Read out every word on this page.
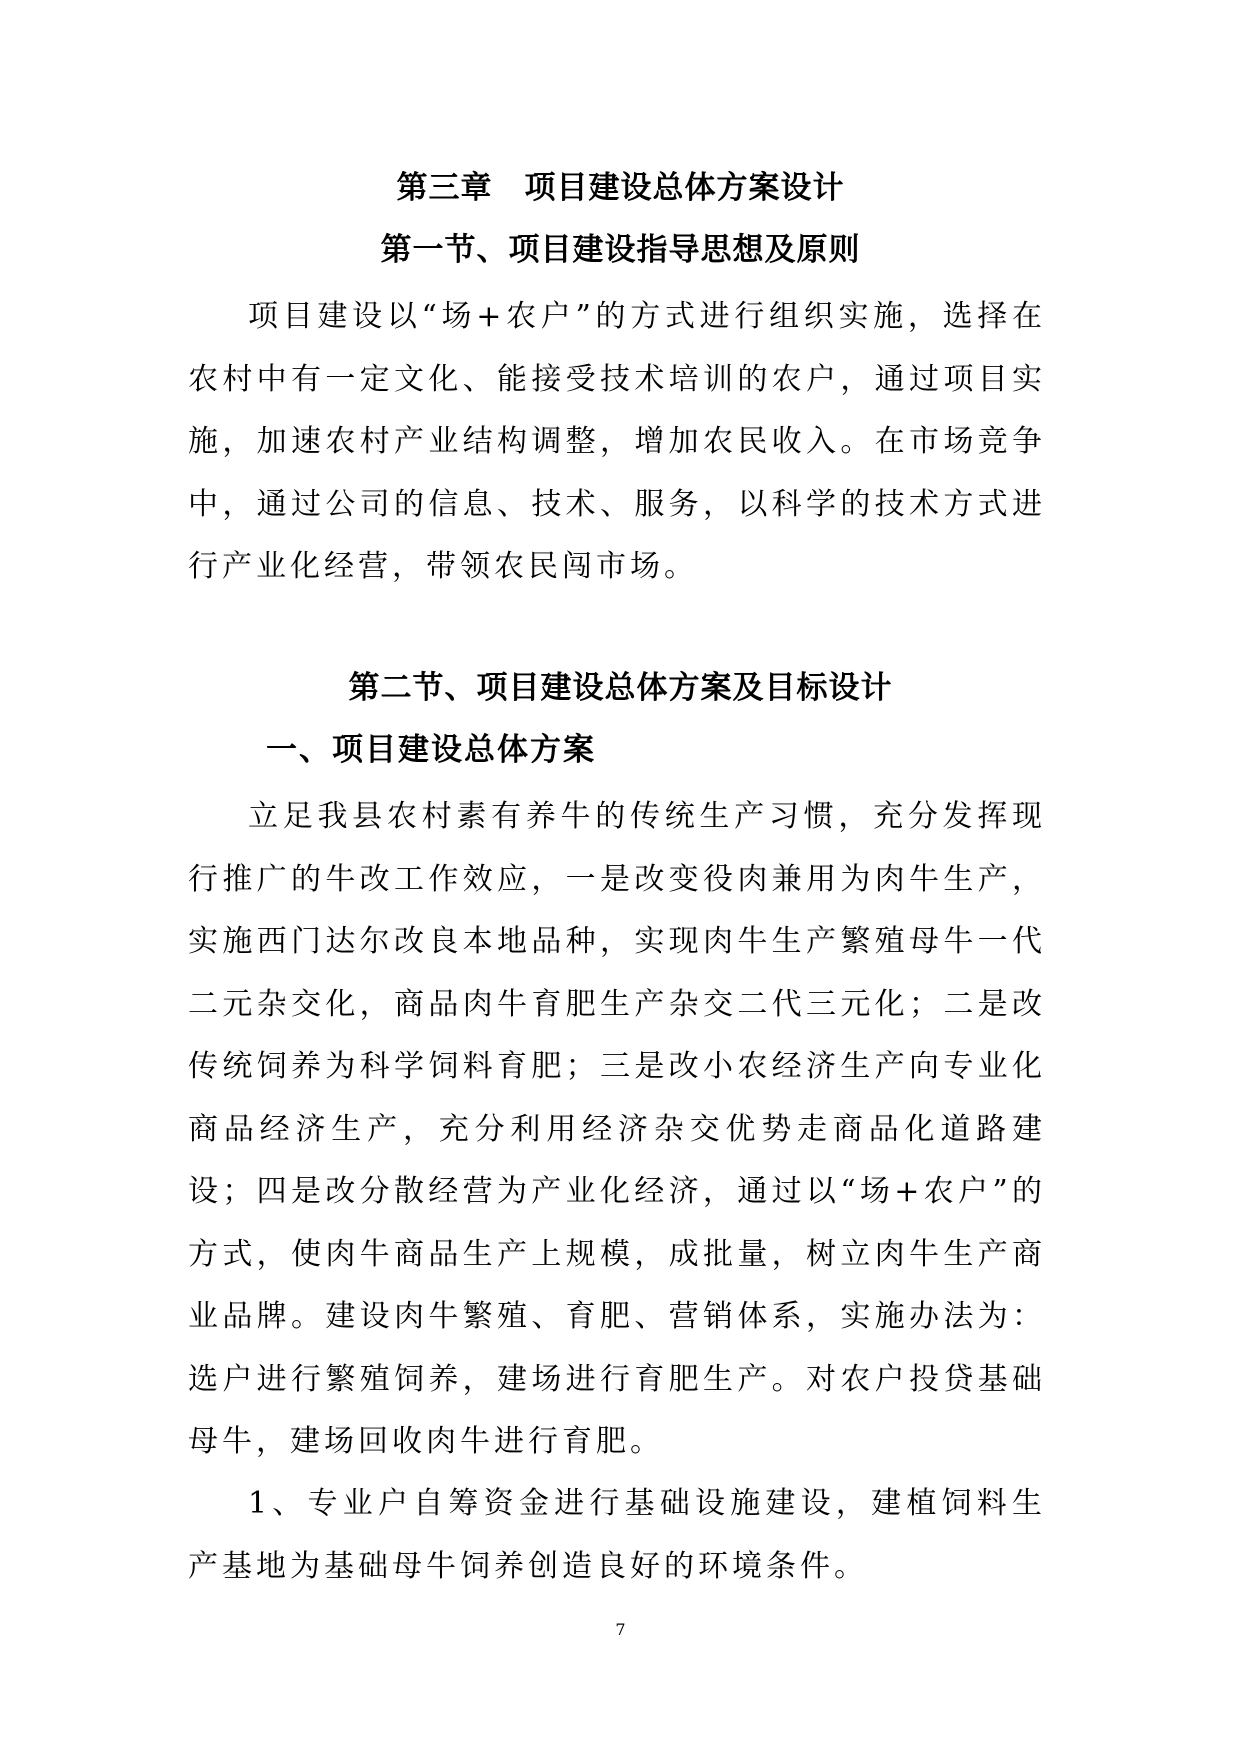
第三章　项目建设总体方案设计
第一节、项目建设指导思想及原则

项目建设以“场+农户”的方式进行组织实施，选择在农村中有一定文化、能接受技术培训的农户，通过项目实施，加速农村产业结构调整，增加农民收入。在市场竞争中，通过公司的信息、技术、服务，以科学的技术方式进行产业化经营，带领农民闯市场。

第二节、项目建设总体方案及目标设计
一、项目建设总体方案

立足我县农村素有养牛的传统生产习惯，充分发挥现行推广的牛改工作效应，一是改变役肉兼用为肉牛生产，实施西门达尔改良本地品种，实现肉牛生产繁殖母牛一代二元杂交化，商品肉牛育肥生产杂交二代三元化；二是改传统饲养为科学饲料育肥；三是改小农经济生产向专业化商品经济生产，充分利用经济杂交优势走商品化道路建设；四是改分散经营为产业化经济，通过以“场+农户”的方式，使肉牛商品生产上规模，成批量，树立肉牛生产商业品牌。建设肉牛繁殖、育肥、营销体系，实施办法为：选户进行繁殖饲养，建场进行育肥生产。对农户投贷基础母牛，建场回收肉牛进行育肥。

1、专业户自筹资金进行基础设施建设，建植饲料生产基地为基础母牛饲养创造良好的环境条件。

7
